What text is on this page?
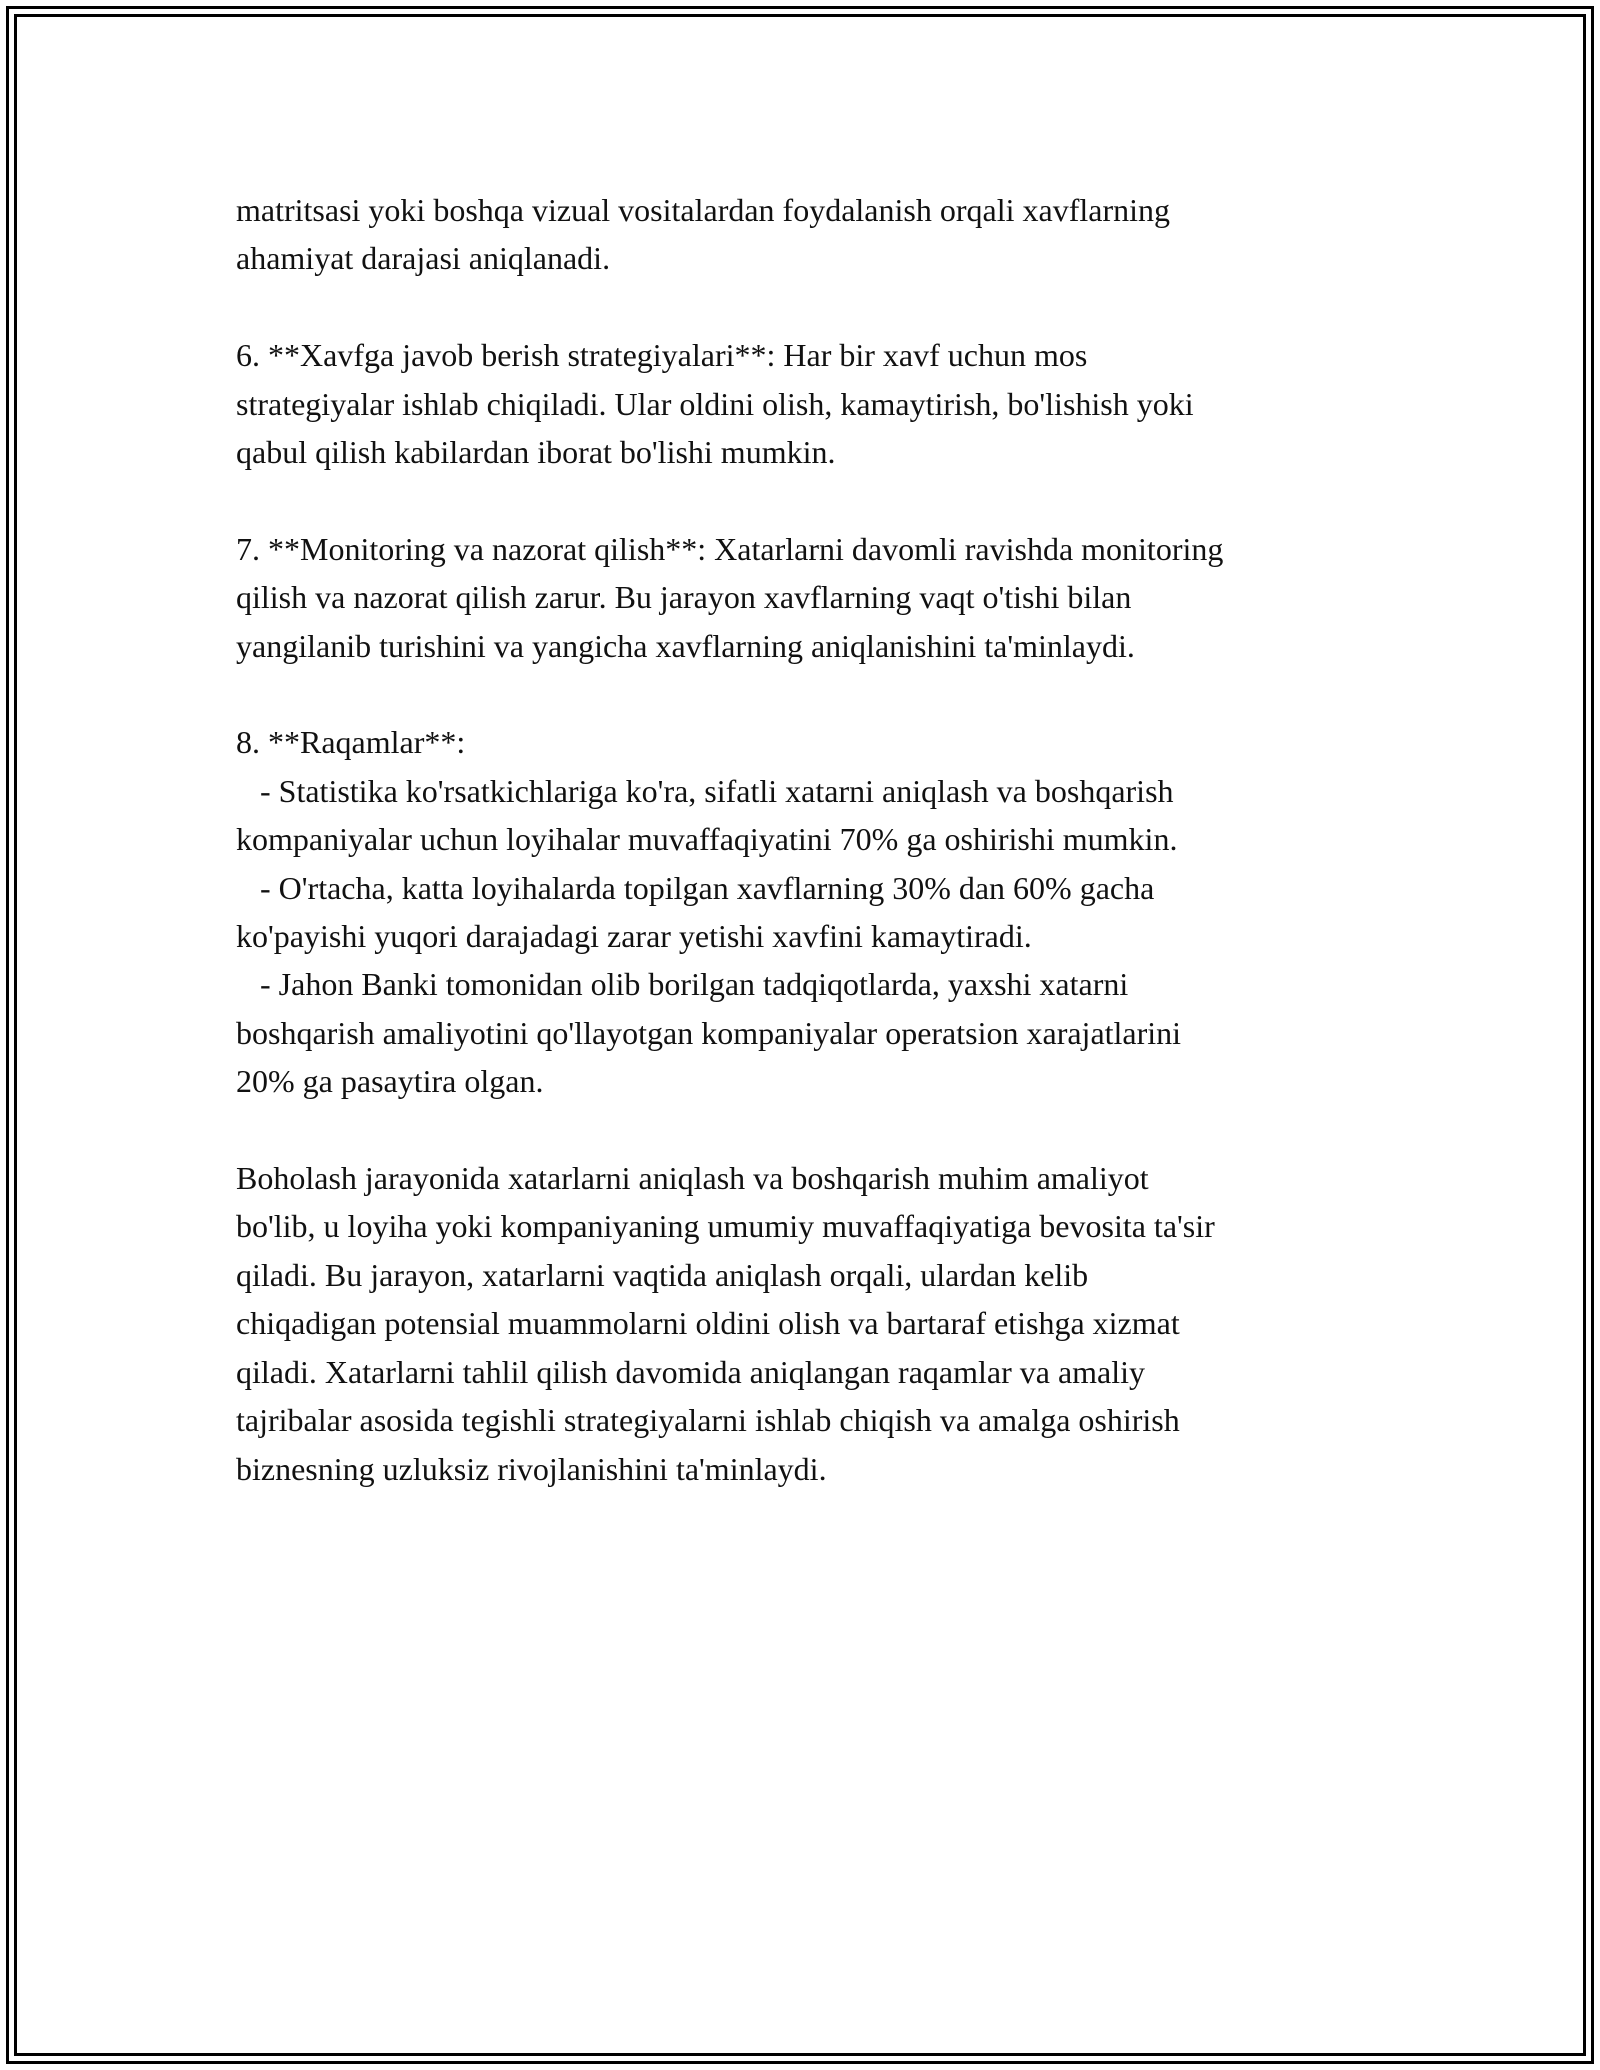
matritsasi yoki boshqa vizual vositalardan foydalanish orqali xavflarning
ahamiyat darajasi aniqlanadi.

6. **Xavfga javob berish strategiyalari**: Har bir xavf uchun mos
strategiyalar ishlab chiqiladi. Ular oldini olish, kamaytirish, bo'lishish yoki
qabul qilish kabilardan iborat bo'lishi mumkin.

7. **Monitoring va nazorat qilish**: Xatarlarni davomli ravishda monitoring
qilish va nazorat qilish zarur. Bu jarayon xavflarning vaqt o'tishi bilan
yangilanib turishini va yangicha xavflarning aniqlanishini ta'minlaydi.

8. **Raqamlar**:
- Statistika ko'rsatkichlariga ko'ra, sifatli xatarni aniqlash va boshqarish
kompaniyalar uchun loyihalar muvaffaqiyatini 70% ga oshirishi mumkin.
- O'rtacha, katta loyihalarda topilgan xavflarning 30% dan 60% gacha
ko'payishi yuqori darajadagi zarar yetishi xavfini kamaytiradi.
- Jahon Banki tomonidan olib borilgan tadqiqotlarda, yaxshi xatarni
boshqarish amaliyotini qo'llayotgan kompaniyalar operatsion xarajatlarini
20% ga pasaytira olgan.

Boholash jarayonida xatarlarni aniqlash va boshqarish muhim amaliyot
bo'lib, u loyiha yoki kompaniyaning umumiy muvaffaqiyatiga bevosita ta'sir
qiladi. Bu jarayon, xatarlarni vaqtida aniqlash orqali, ulardan kelib
chiqadigan potensial muammolarni oldini olish va bartaraf etishga xizmat
qiladi. Xatarlarni tahlil qilish davomida aniqlangan raqamlar va amaliy
tajribalar asosida tegishli strategiyalarni ishlab chiqish va amalga oshirish
biznesning uzluksiz rivojlanishini ta'minlaydi.
